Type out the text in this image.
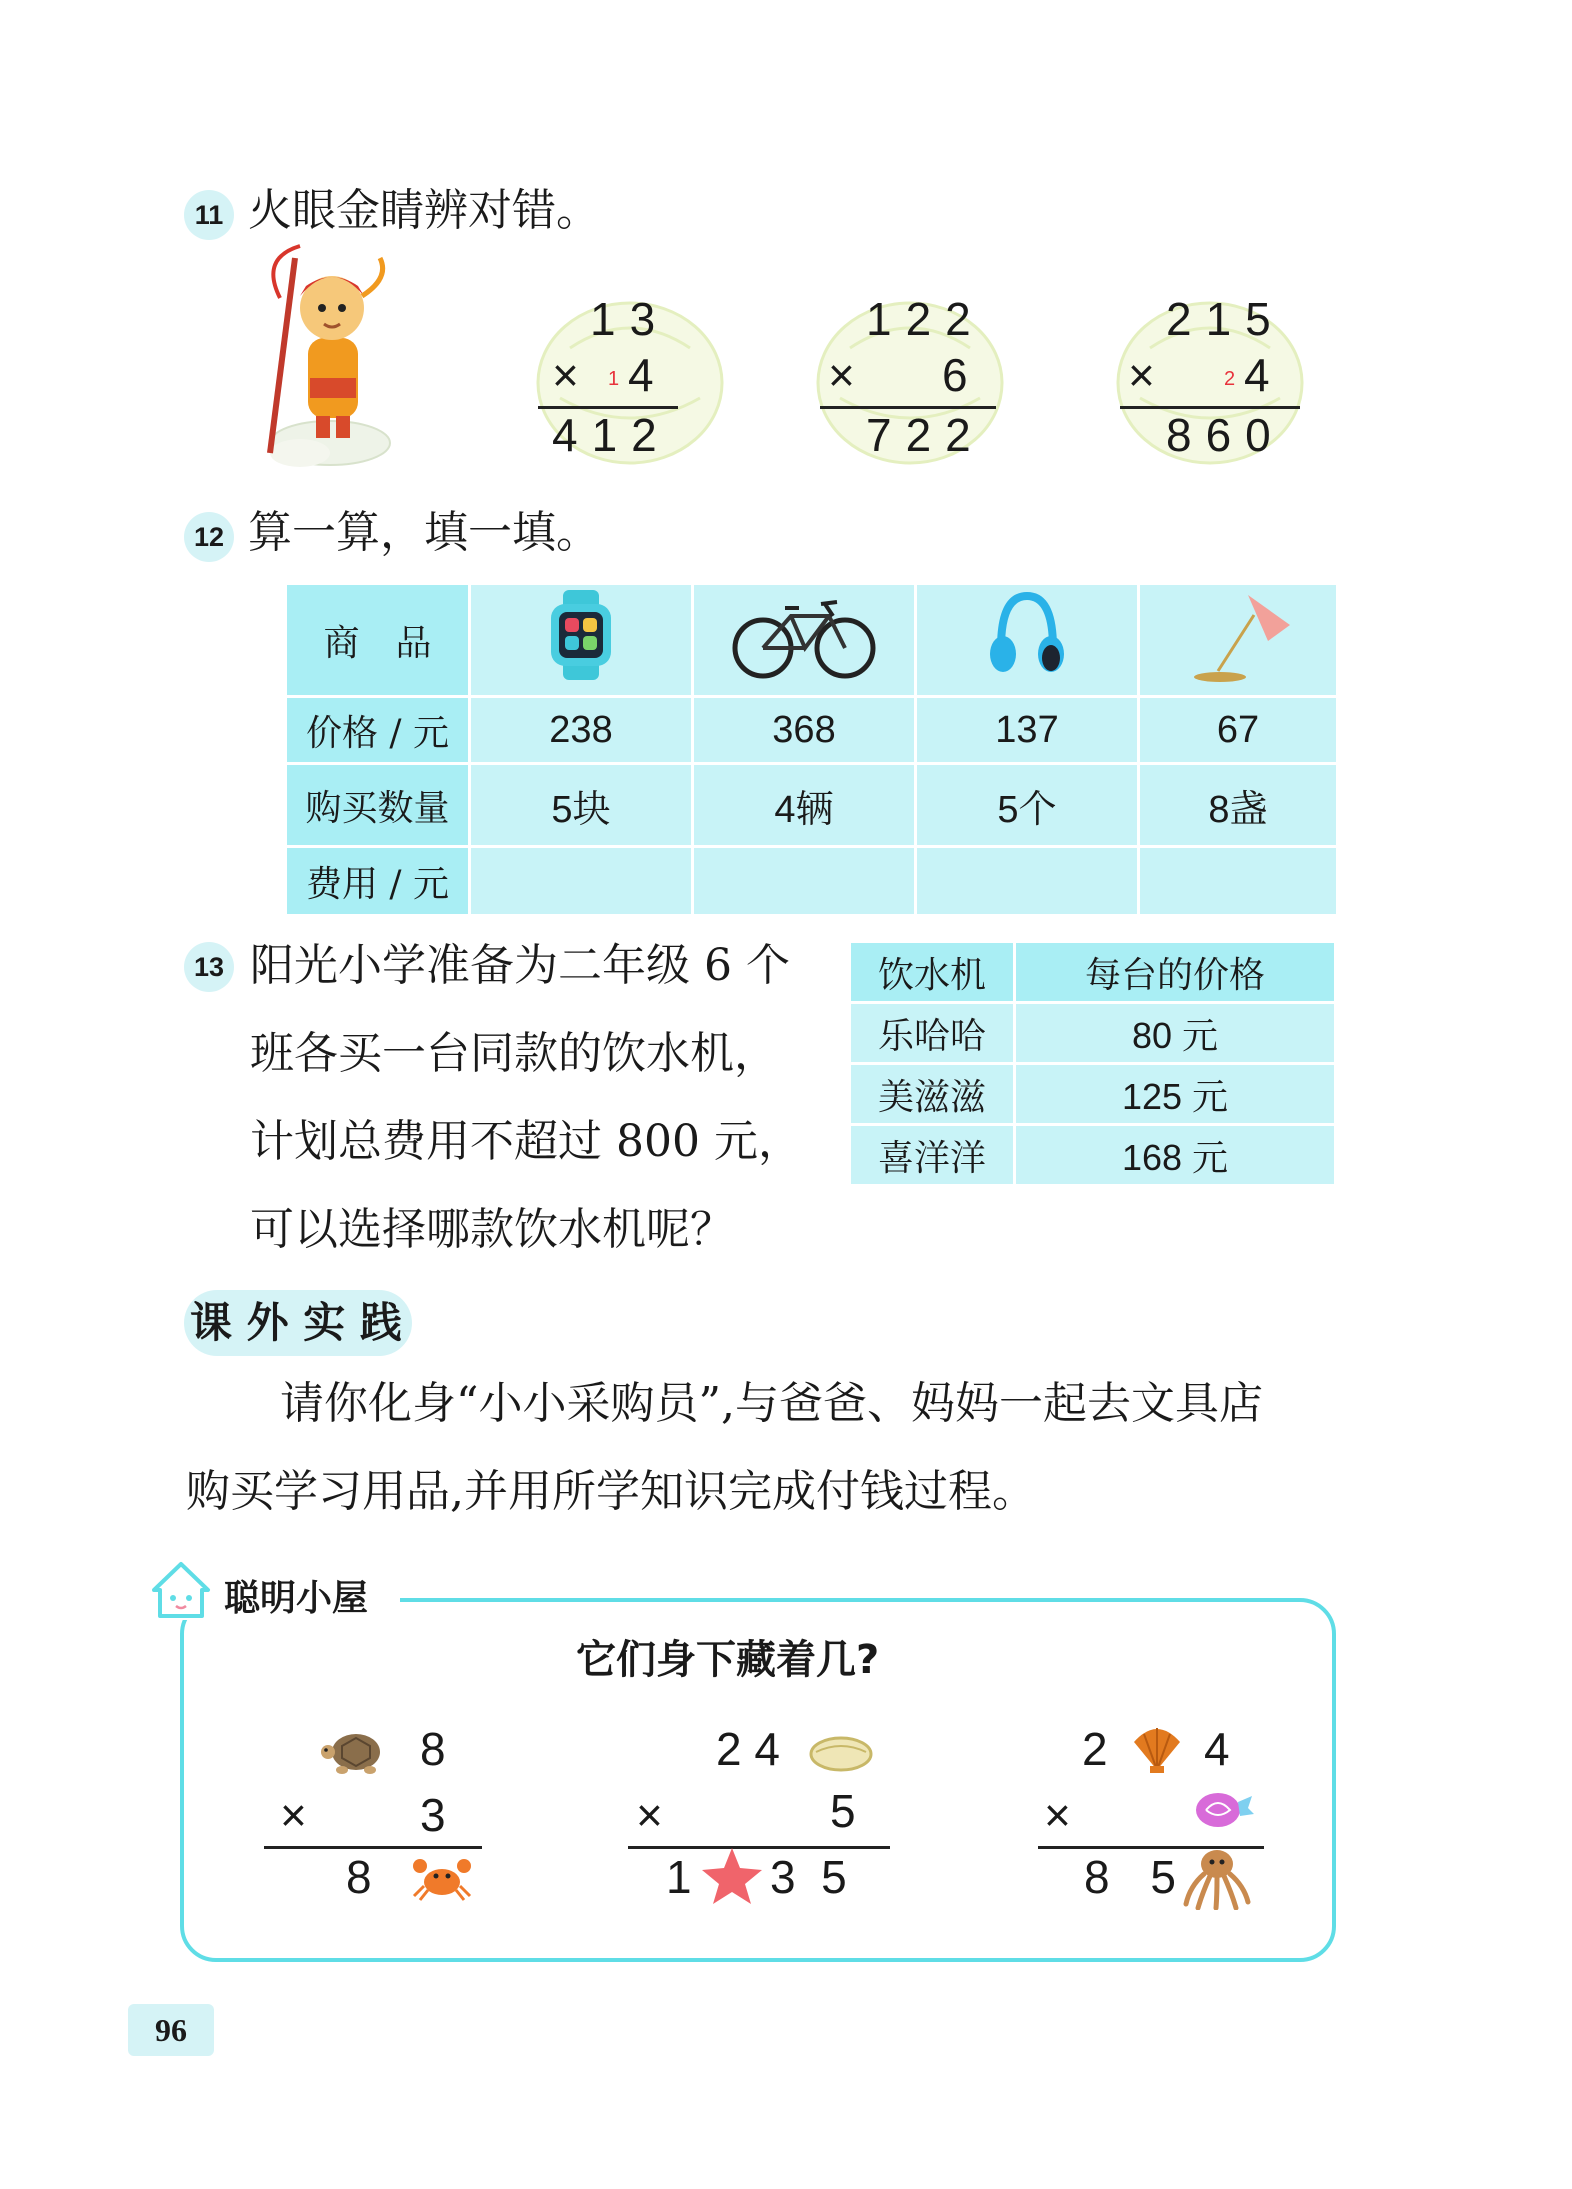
11 火眼金睛辨对错。
13
× 1 4
412
122
× 6
722
215
×	2 4
860
12 算一算，填一填。
商　品				
价格 / 元	238	368	137	67
购买数量	5块	4辆	5个	8盏
费用 / 元				
13 阳光小学准备为二年级 6 个
班各买一台同款的饮水机，
计划总费用不超过 800 元，
可以选择哪款饮水机呢？
饮水机	每台的价格
乐哈哈	80 元
美滋滋	125 元
喜洋洋	168 元
课 外 实 践
请你化身“小小采购员”,与爸爸、妈妈一起去文具店
购买学习用品,并用所学知识完成付钱过程。
聪明小屋
它们身下藏着几?
8
× 3
8
2 4
×	5
1 3  5
2 4
×
8 5
96
